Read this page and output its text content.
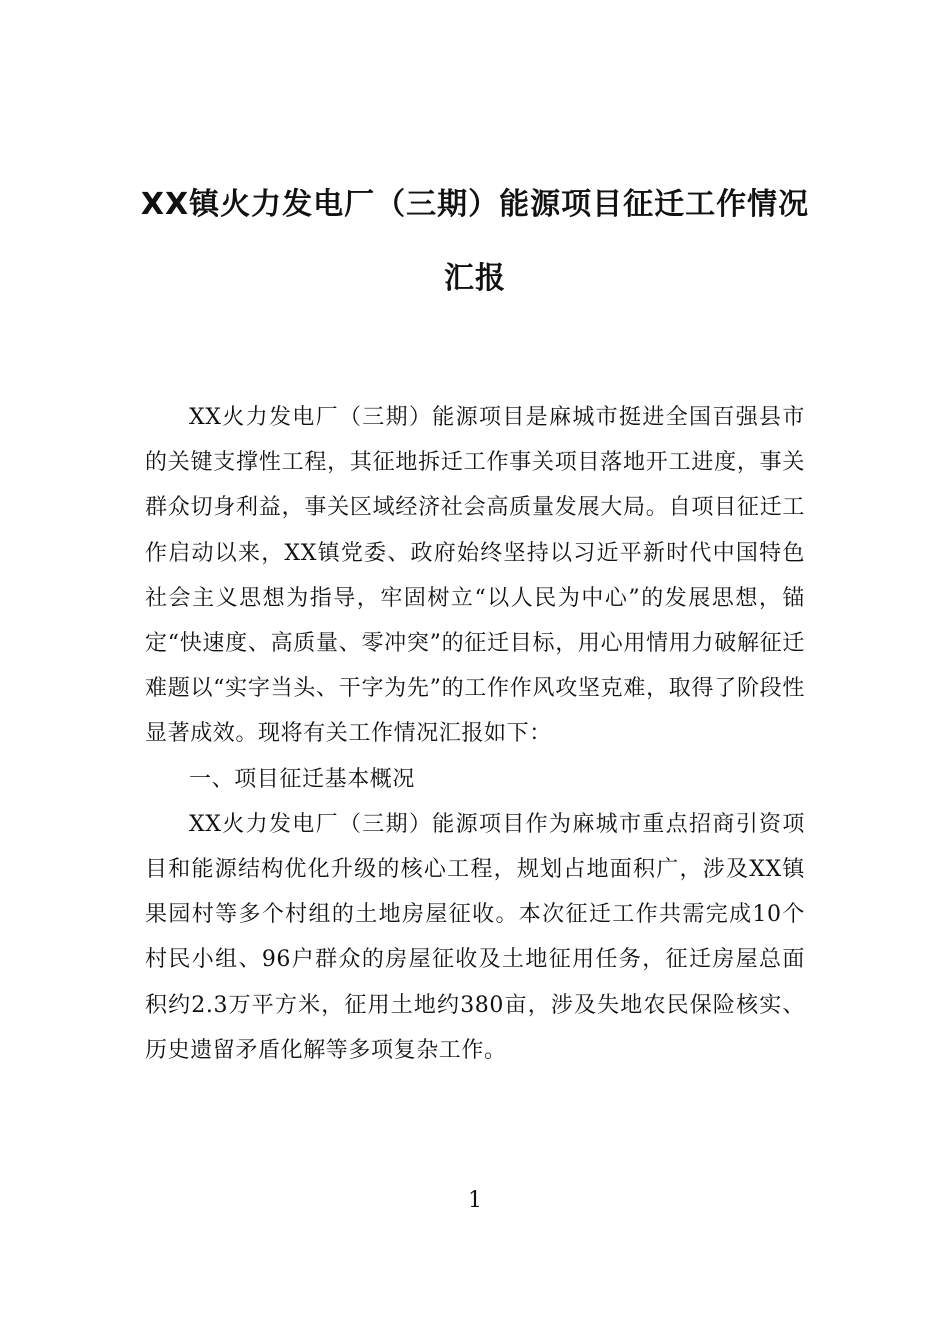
XX镇火力发电厂（三期）能源项目征迁工作情况汇报

XX火力发电厂（三期）能源项目是麻城市挺进全国百强县市的关键支撑性工程，其征地拆迁工作事关项目落地开工进度，事关群众切身利益，事关区域经济社会高质量发展大局。自项目征迁工作启动以来，XX镇党委、政府始终坚持以习近平新时代中国特色社会主义思想为指导，牢固树立“以人民为中心”的发展思想，锚定“快速度、高质量、零冲突”的征迁目标，用心用情用力破解征迁难题以“实字当头、干字为先”的工作作风攻坚克难，取得了阶段性显著成效。现将有关工作情况汇报如下：

一、项目征迁基本概况

XX火力发电厂（三期）能源项目作为麻城市重点招商引资项目和能源结构优化升级的核心工程，规划占地面积广，涉及XX镇果园村等多个村组的土地房屋征收。本次征迁工作共需完成10个村民小组、96户群众的房屋征收及土地征用任务，征迁房屋总面积约2.3万平方米，征用土地约380亩，涉及失地农民保险核实、历史遗留矛盾化解等多项复杂工作。

1
